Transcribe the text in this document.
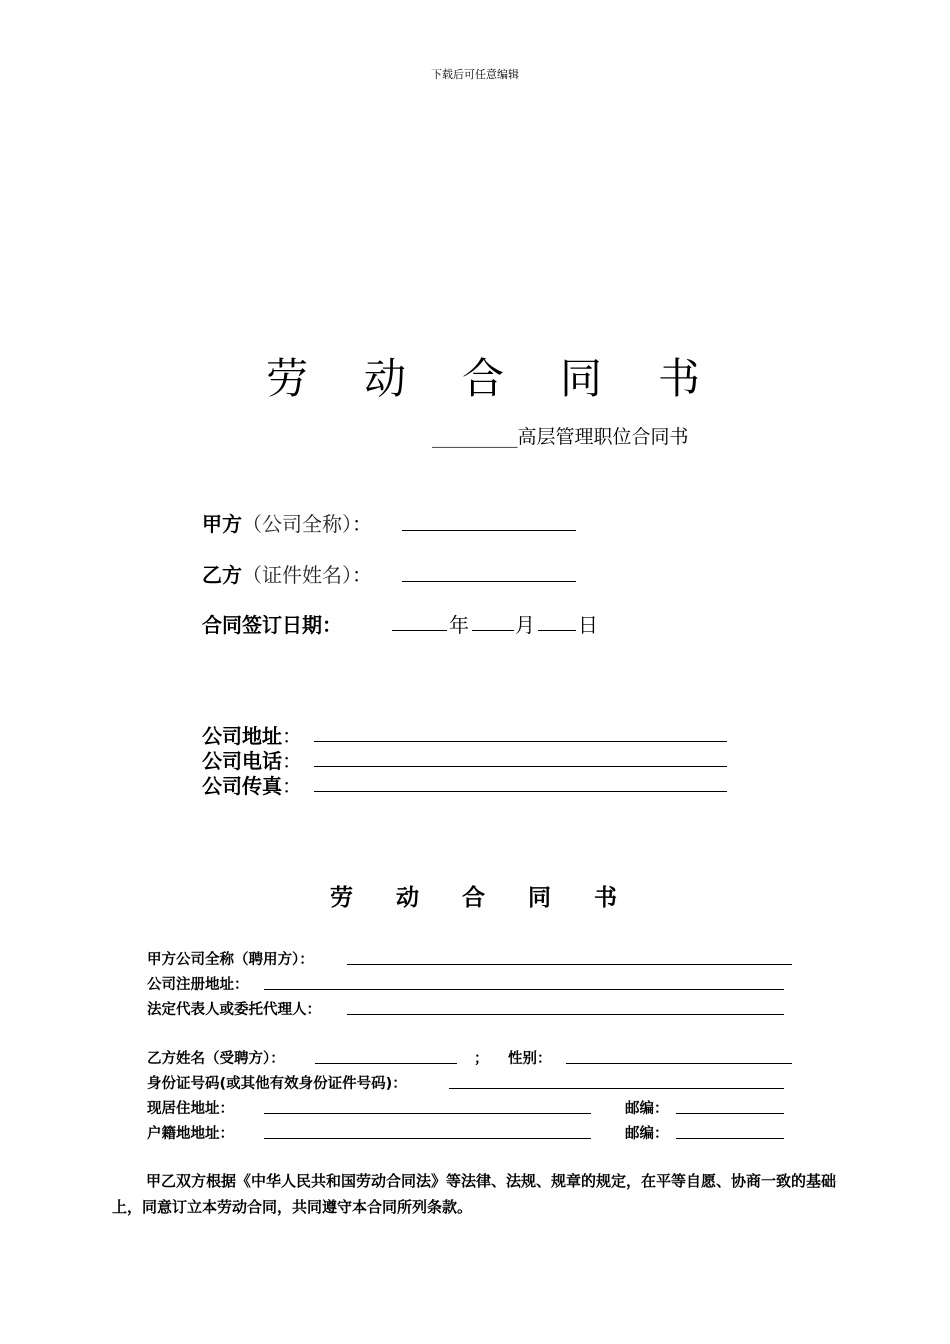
下载后可任意编辑
劳动合同书
_________高层管理职位合同书
甲方（公司全称）：
乙方（证件姓名）：
合同签订日期：	年 月 日
公司地址：
公司电话：
公司传真：
劳动合同书
甲方公司全称（聘用方）：
公司注册地址：
法定代表人或委托代理人：
乙方姓名（受聘方）：	； 性别：
身份证号码(或其他有效身份证件号码)：
现居住地址：	邮编：
户籍地地址：	邮编：
甲乙双方根据《中华人民共和国劳动合同法》等法律、法规、规章的规定，在平等自愿、协商一致的基础上，同意订立本劳动合同，共同遵守本合同所列条款。
